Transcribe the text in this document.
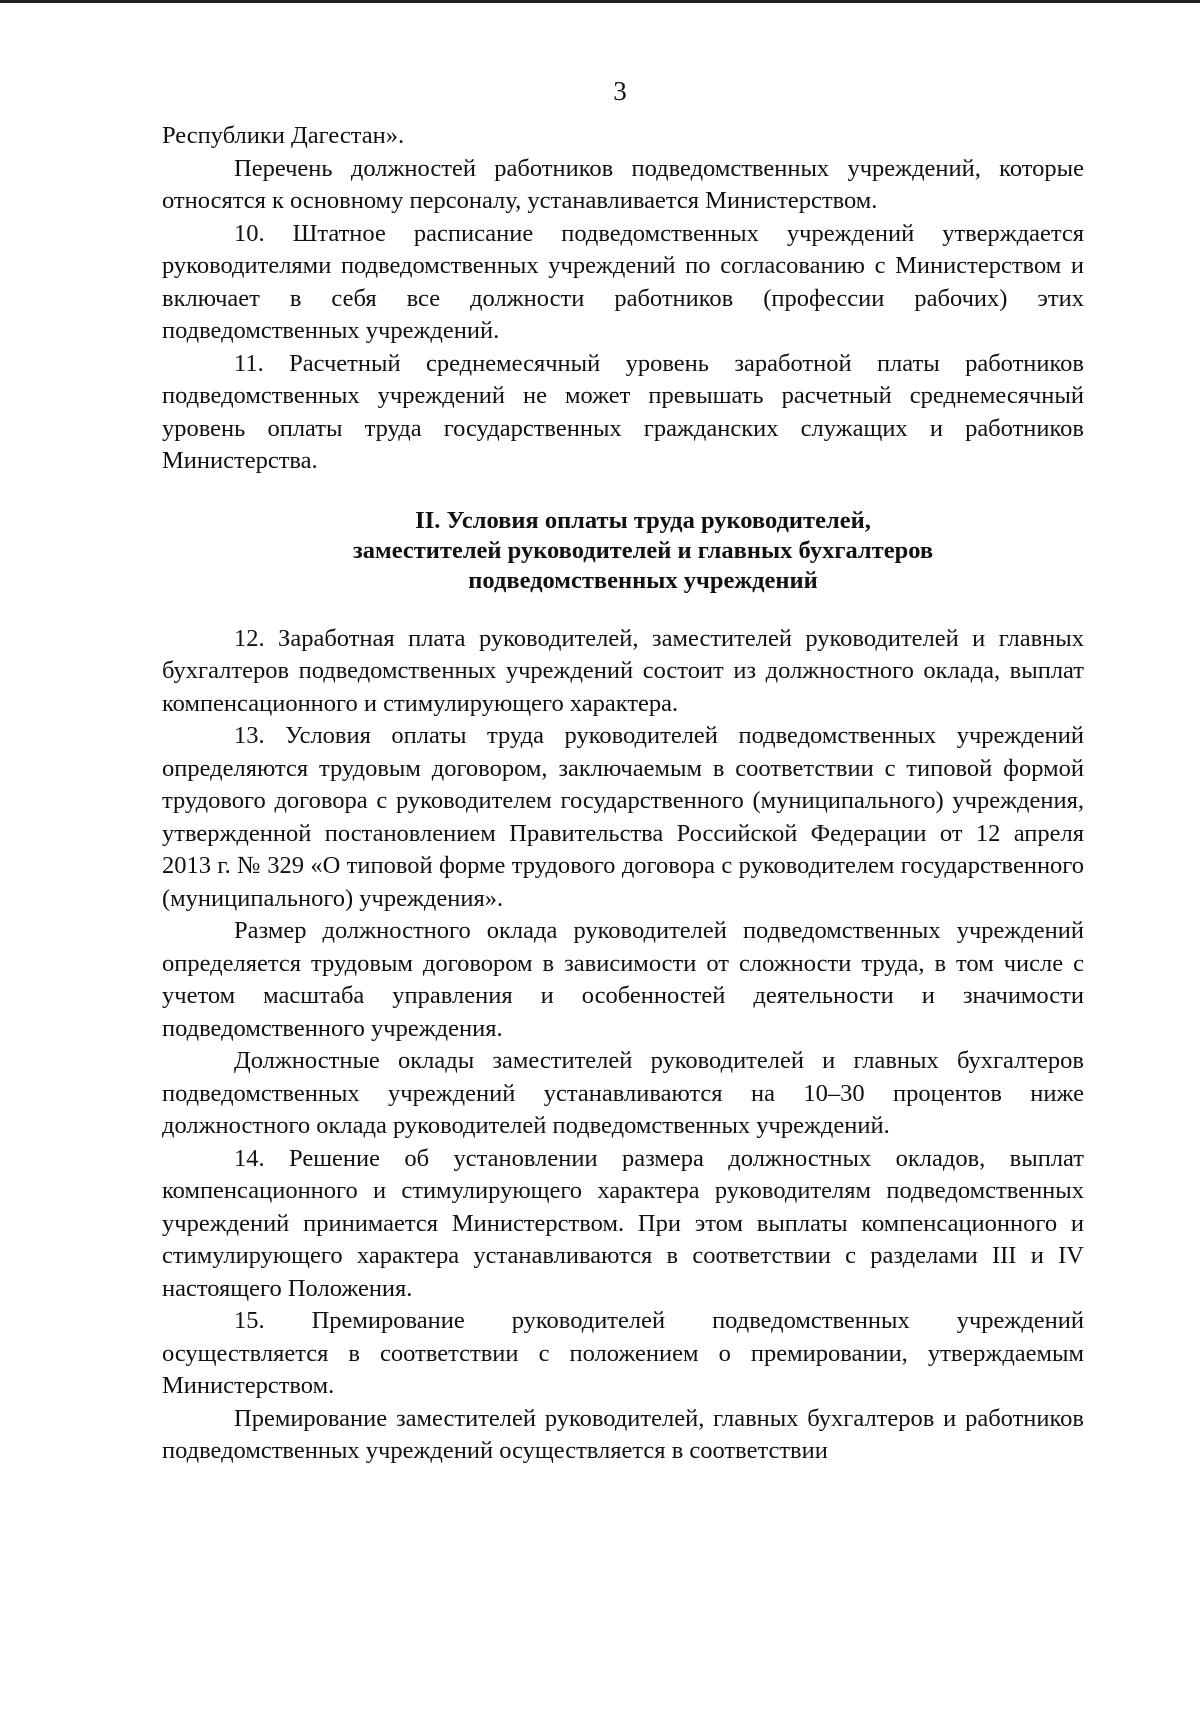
3

Республики Дагестан».

Перечень должностей работников подведомственных учреждений, которые относятся к основному персоналу, устанавливается Министерством.

10. Штатное расписание подведомственных учреждений утверждается руководителями подведомственных учреждений по согласованию с Министерством и включает в себя все должности работников (профессии рабочих) этих подведомственных учреждений.

11. Расчетный среднемесячный уровень заработной платы работников подведомственных учреждений не может превышать расчетный среднемесячный уровень оплаты труда государственных гражданских служащих и работников Министерства.

II. Условия оплаты труда руководителей,
заместителей руководителей и главных бухгалтеров
подведомственных учреждений

12. Заработная плата руководителей, заместителей руководителей и главных бухгалтеров подведомственных учреждений состоит из должностного оклада, выплат компенсационного и стимулирующего характера.

13. Условия оплаты труда руководителей подведомственных учреждений определяются трудовым договором, заключаемым в соответствии с типовой формой трудового договора с руководителем государственного (муниципального) учреждения, утвержденной постановлением Правительства Российской Федерации от 12 апреля 2013 г. № 329 «О типовой форме трудового договора с руководителем государственного (муниципального) учреждения».

Размер должностного оклада руководителей подведомственных учреждений определяется трудовым договором в зависимости от сложности труда, в том числе с учетом масштаба управления и особенностей деятельности и значимости подведомственного учреждения.

Должностные оклады заместителей руководителей и главных бухгалтеров подведомственных учреждений устанавливаются на 10–30 процентов ниже должностного оклада руководителей подведомственных учреждений.

14. Решение об установлении размера должностных окладов, выплат компенсационного и стимулирующего характера руководителям подведомственных учреждений принимается Министерством. При этом выплаты компенсационного и стимулирующего характера устанавливаются в соответствии с разделами III и IV настоящего Положения.

15. Премирование руководителей подведомственных учреждений осуществляется в соответствии с положением о премировании, утверждаемым Министерством.

Премирование заместителей руководителей, главных бухгалтеров и работников подведомственных учреждений осуществляется в соответствии
